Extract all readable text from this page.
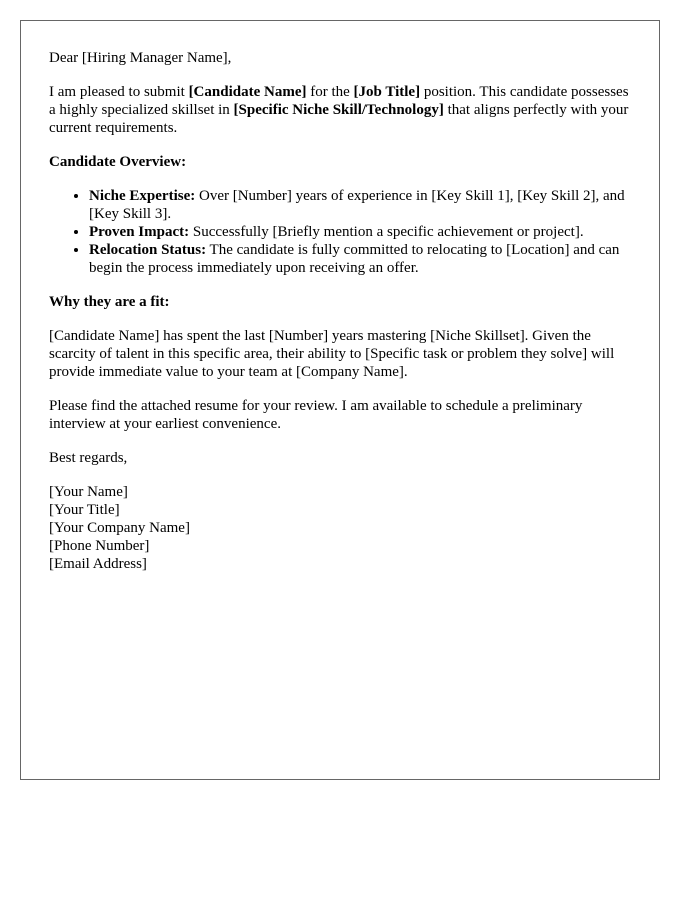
Dear [Hiring Manager Name],

I am pleased to submit [Candidate Name] for the [Job Title] position. This candidate possesses a highly specialized skillset in [Specific Niche Skill/Technology] that aligns perfectly with your current requirements.

Candidate Overview:

• Niche Expertise: Over [Number] years of experience in [Key Skill 1], [Key Skill 2], and [Key Skill 3].
• Proven Impact: Successfully [Briefly mention a specific achievement or project].
• Relocation Status: The candidate is fully committed to relocating to [Location] and can begin the process immediately upon receiving an offer.

Why they are a fit:

[Candidate Name] has spent the last [Number] years mastering [Niche Skillset]. Given the scarcity of talent in this specific area, their ability to [Specific task or problem they solve] will provide immediate value to your team at [Company Name].

Please find the attached resume for your review. I am available to schedule a preliminary interview at your earliest convenience.

Best regards,

[Your Name]
[Your Title]
[Your Company Name]
[Phone Number]
[Email Address]
